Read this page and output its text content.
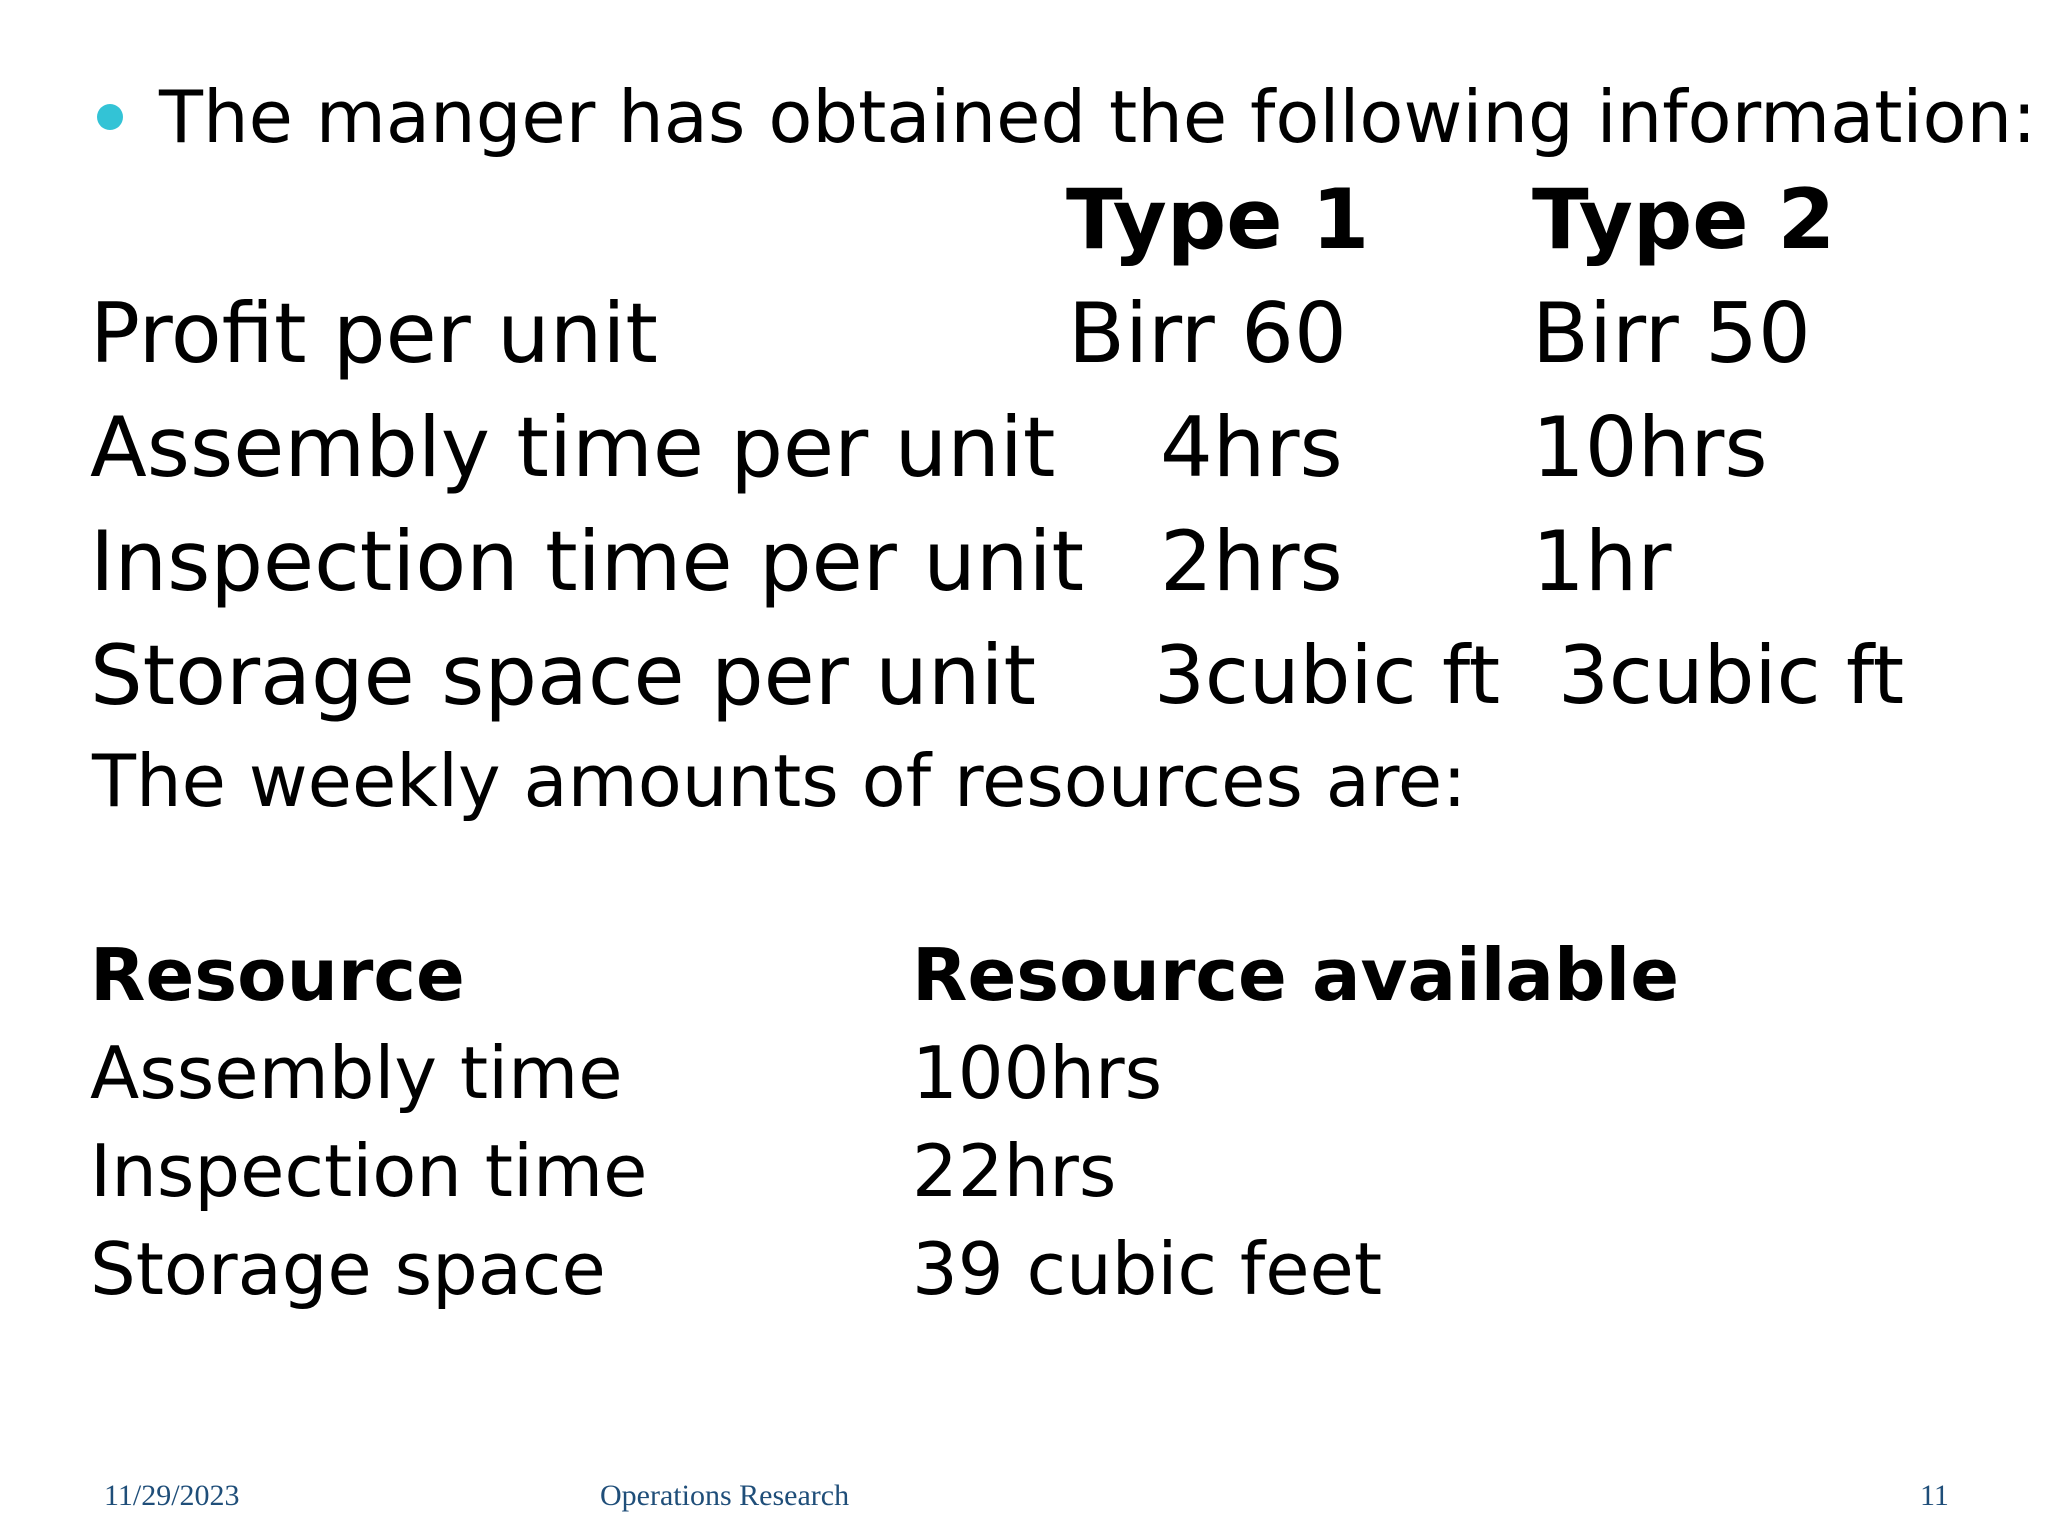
The manger has obtained the following information:
Type 1 Type 2
Profit per unit	Birr 60 Birr 50
Assembly time per unit 4hrs 10hrs
Inspection time per unit 2hrs 1hr
Storage space per unit 3cubic ft 3cubic ft
The weekly amounts of resources are:
Resource	Resource available
Assembly time	100hrs
Inspection time	22hrs
Storage space	39 cubic feet
11/29/2023	Operations Research	11
